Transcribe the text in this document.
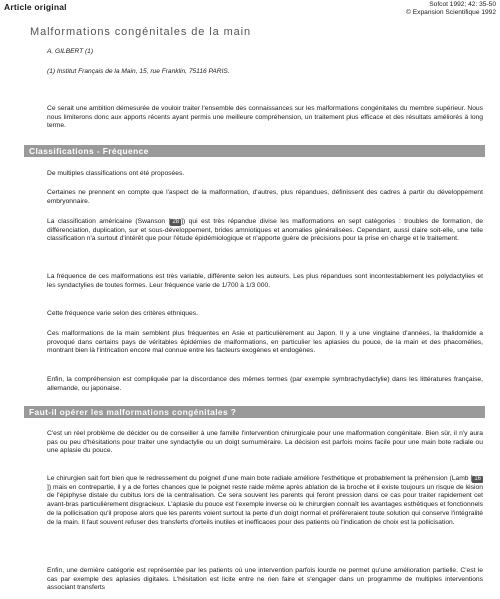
Article original	Sofcot 1992; 42: 35-50
© Expansion Scientifique 1992
Malformations congénitales de la main
A. GILBERT (1)
(1) Institut Français de la Main, 15, rue Franklin, 75116 PARIS.

Ce serait une ambition démesurée de vouloir traiter l'ensemble des connaissances sur les malformations congénitales du membre supérieur. Nous nous limiterons donc aux apports récents ayant permis une meilleure compréhension, un traitement plus efficace et des résultats améliorés à long terme.

Classifications - Fréquence

De multiples classifications ont été proposées.

Certaines ne prennent en compte que l'aspect de la malformation, d'autres, plus répandues, définissent des cadres à partir du développement embryonnaire.

La classification américaine (Swanson [ 28 ]) qui est très répandue divise les malformations en sept catégories : troubles de formation, de différenciation, duplication, sur et sous-développement, brides amniotiques et anomalies généralisées. Cependant, aussi claire soit-elle, une telle classification n'a surtout d'intérêt que pour l'étude épidémiologique et n'apporte guère de précisions pour la prise en charge et le traitement.

La fréquence de ces malformations est très variable, différente selon les auteurs. Les plus répandues sont incontestablement les polydactylies et les syndactylies de toutes formes. Leur fréquence varie de 1/700 à 1/3 000.

Cette fréquence varie selon des critères ethniques.

Ces malformations de la main semblent plus fréquentes en Asie et particulièrement au Japon. Il y a une vingtaine d'années, la thalidomide a provoqué dans certains pays de véritables épidémies de malformations, en particulier les aplasies du pouce, de la main et des phacomélies, montrant bien là l'intrication encore mal connue entre les facteurs exogènes et endogènes.

Enfin, la compréhension est compliquée par la discordance des mêmes termes (par exemple symbrachydactylie) dans les littératures française, allemande, ou japonaise.

Faut-il opérer les malformations congénitales ?

C'est un réel problème de décider ou de conseiller à une famille l'intervention chirurgicale pour une malformation congénitale. Bien sûr, il n'y aura pas ou peu d'hésitations pour traiter une syndactylie ou un doigt surnuméraire. La décision est parfois moins facile pour une main bote radiale ou une aplasie du pouce.

Le chirurgien sait fort bien que le redressement du poignet d'une main bote radiale améliore l'esthétique et probablement la préhension (Lamb [ 16]) mais en contrepartie, il y a de fortes chances que le poignet reste raide même après ablation de la broche et il existe toujours un risque de lésion de l'épiphyse distale du cubitus lors de la centralisation. Ce sera souvent les parents qui feront pression dans ce cas pour traiter rapidement cet avant-bras particulièrement disgracieux. L'aplasie du pouce est l'exemple inverse où le chirurgien connaît les avantages esthétiques et fonctionnels de la pollicisation qu'il propose alors que les parents voient surtout la perte d'un doigt normal et préféreraient toute solution qui conserve l'intégralité de la main. Il faut souvent refuser des transferts d'orteils inutiles et inefficaces pour des patients où l'indication de choix est la pollicisation.

Enfin, une dernière catégorie est représentée par les patients où une intervention parfois lourde ne permet qu'une amélioration partielle. C'est le cas par exemple des aplasies digitales. L'hésitation est licite entre ne rien faire et s'engager dans un programme de multiples interventions associant transferts
